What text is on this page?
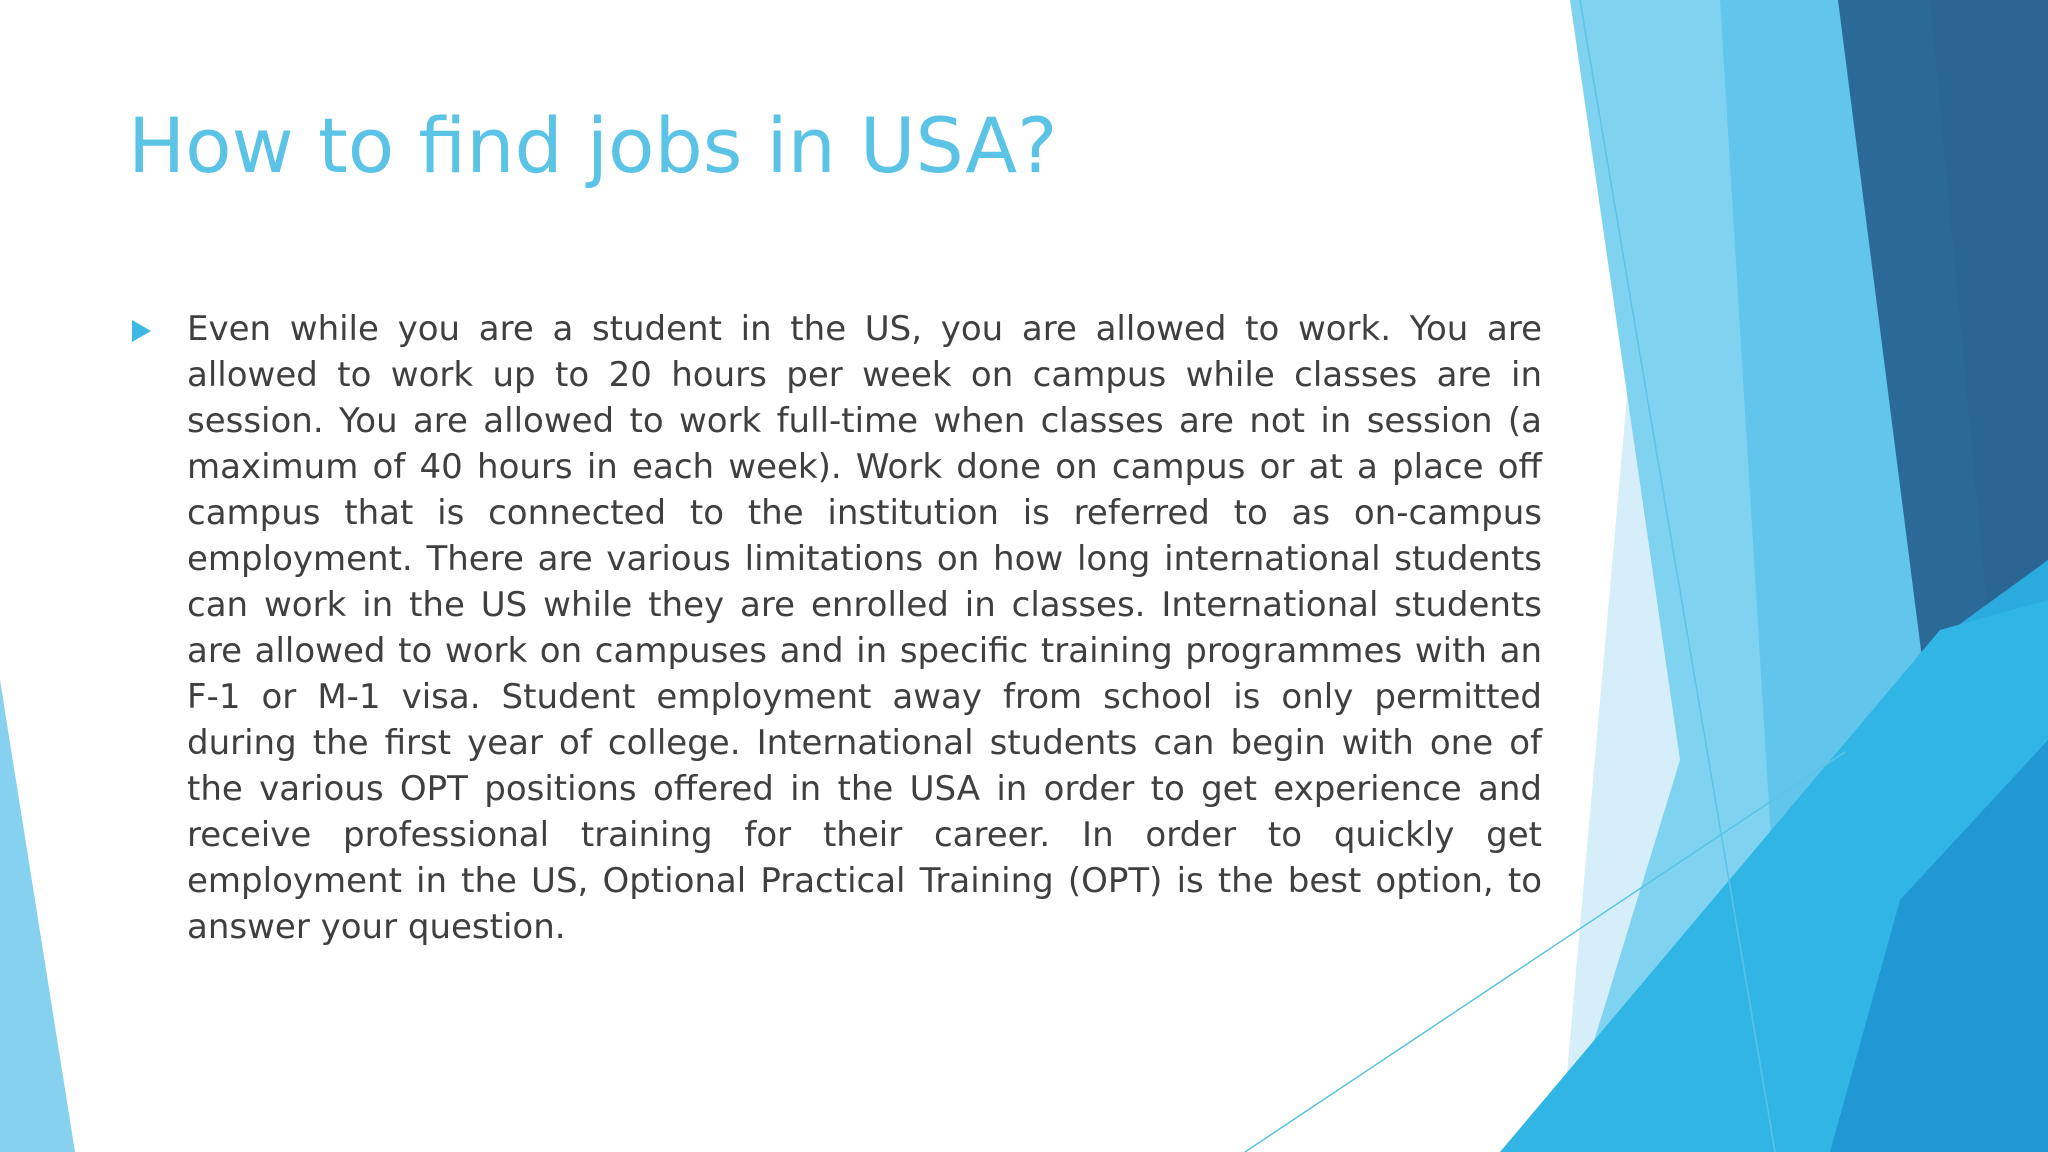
How to find jobs in USA?

Even while you are a student in the US, you are allowed to work. You are allowed to work up to 20 hours per week on campus while classes are in session. You are allowed to work full-time when classes are not in session (a maximum of 40 hours in each week). Work done on campus or at a place off campus that is connected to the institution is referred to as on-campus employment. There are various limitations on how long international students can work in the US while they are enrolled in classes. International students are allowed to work on campuses and in specific training programmes with an F-1 or M-1 visa. Student employment away from school is only permitted during the first year of college. International students can begin with one of the various OPT positions offered in the USA in order to get experience and receive professional training for their career. In order to quickly get employment in the US, Optional Practical Training (OPT) is the best option, to answer your question.
